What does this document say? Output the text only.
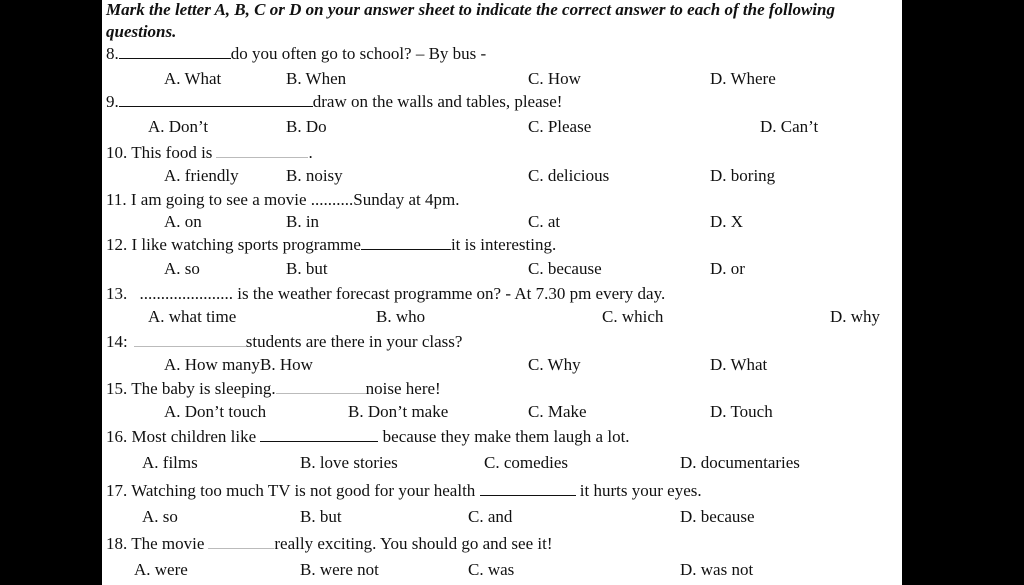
Mark the letter A, B, C or D on your answer sheet to indicate the correct answer to each of the following
questions.
8.	do you often go to school? – By bus -
A. What	B. When	C. How	D. Where
9.	draw on the walls and tables, please!
A. Don’t	B. Do	C. Please	D. Can’t
10. This food is	.
A. friendly	B. noisy	C. delicious	D. boring
11. I am going to see a movie ..........Sunday at 4pm.
A. on	B. in	C. at	D. X
12. I like watching sports programme	it is interesting.
A. so	B. but	C. because	D. or
13. ...................... is the weather forecast programme on? - At 7.30 pm every day.
A. what time	B. who	C. which	D. why
14:	students are there in your class?
A. How many B. How	C. Why	D. What
15. The baby is sleeping.	noise here!
A. Don’t touch	B. Don’t make	C. Make	D. Touch
16. Most children like	because they make them laugh a lot.
A. films	B. love stories	C. comedies	D. documentaries
17. Watching too much TV is not good for your health	it hurts your eyes.
A. so	B. but	C. and	D. because
18. The movie	really exciting. You should go and see it!
A. were	B. were not	C. was	D. was not
